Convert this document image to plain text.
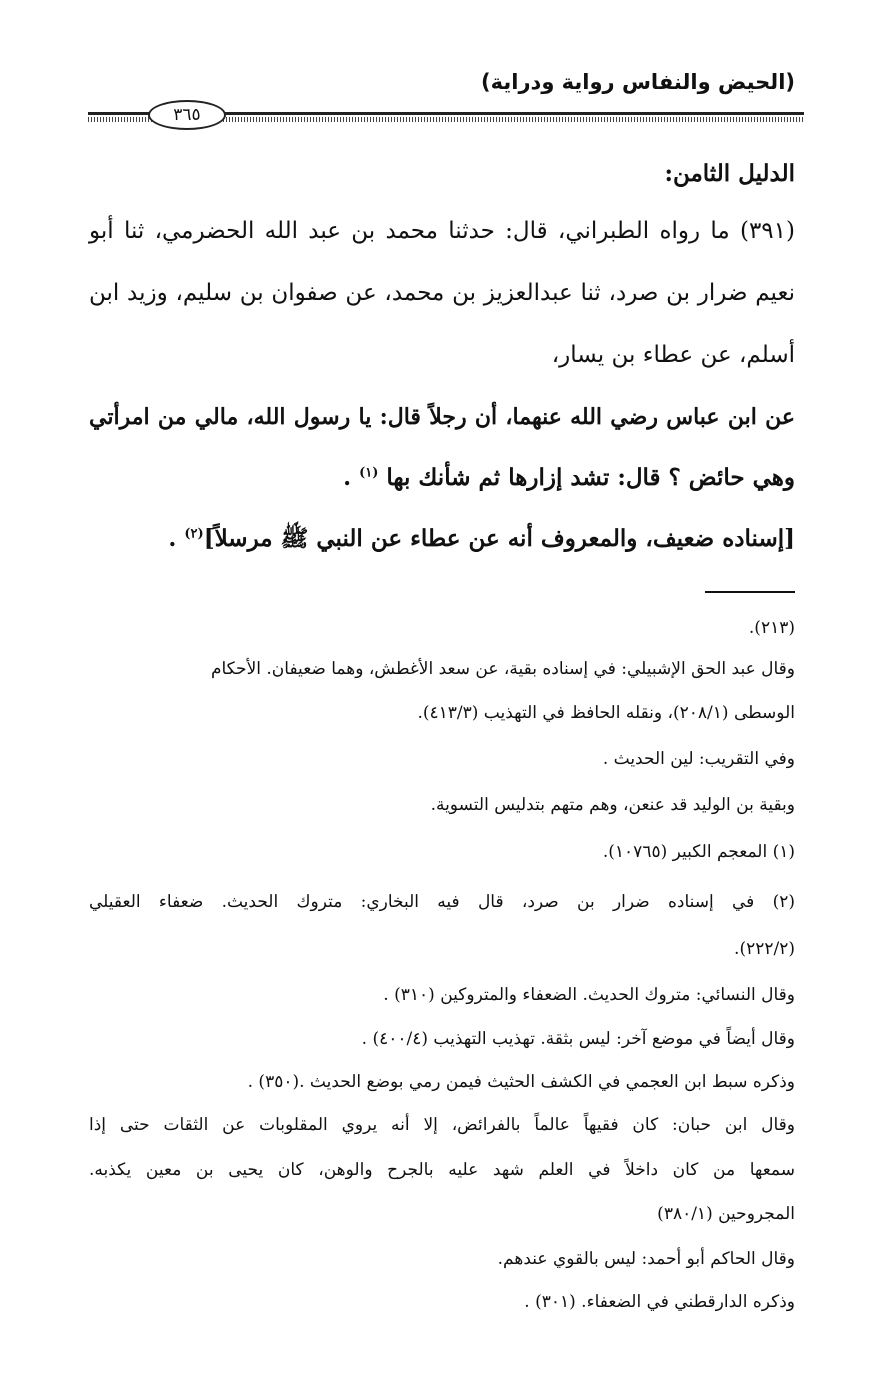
(الحيض والنفاس رواية ودراية)
٣٦٥
الدليل الثامن:
(٣٩١) ما رواه الطبراني، قال: حدثنا محمد بن عبد الله الحضرمي، ثنا أبو
نعيم ضرار بن صرد، ثنا عبدالعزيز بن محمد، عن صفوان بن سليم، وزيد ابن
أسلم، عن عطاء بن يسار،
عن ابن عباس رضي الله عنهما، أن رجلاً قال: يا رسول الله، مالي من امرأتي
وهي حائض ؟ قال: تشد إزارها ثم شأنك بها $^{(١)}$ .
[إسناده ضعيف، والمعروف أنه عن عطاء عن النبي ﷺ مرسلاً]$^{(٢)}$ .
(٢١٣).
وقال عبد الحق الإشبيلي: في إسناده بقية، عن سعد الأغطش، وهما ضعيفان. الأحكام
الوسطى (٢٠٨/١)، ونقله الحافظ في التهذيب (٤١٣/٣).
وفي التقريب: لين الحديث .
وبقية بن الوليد قد عنعن، وهم متهم بتدليس التسوية.
(١) المعجم الكبير (١٠٧٦٥).
(٢) في إسناده ضرار بن صرد، قال فيه البخاري: متروك الحديث. ضعفاء العقيلي
(٢٢٢/٢).
وقال النسائي: متروك الحديث. الضعفاء والمتروكين (٣١٠) .
وقال أيضاً في موضع آخر: ليس بثقة. تهذيب التهذيب (٤٠٠/٤) .
وذكره سبط ابن العجمي في الكشف الحثيث فيمن رمي بوضع الحديث .(٣٥٠) .
وقال ابن حبان: كان فقيهاً عالماً بالفرائض، إلا أنه يروي المقلوبات عن الثقات حتى إذا
سمعها من كان داخلاً في العلم شهد عليه بالجرح والوهن، كان يحيى بن معين يكذبه.
المجروحين (٣٨٠/١)
وقال الحاكم أبو أحمد: ليس بالقوي عندهم.
وذكره الدارقطني في الضعفاء. (٣٠١) .
